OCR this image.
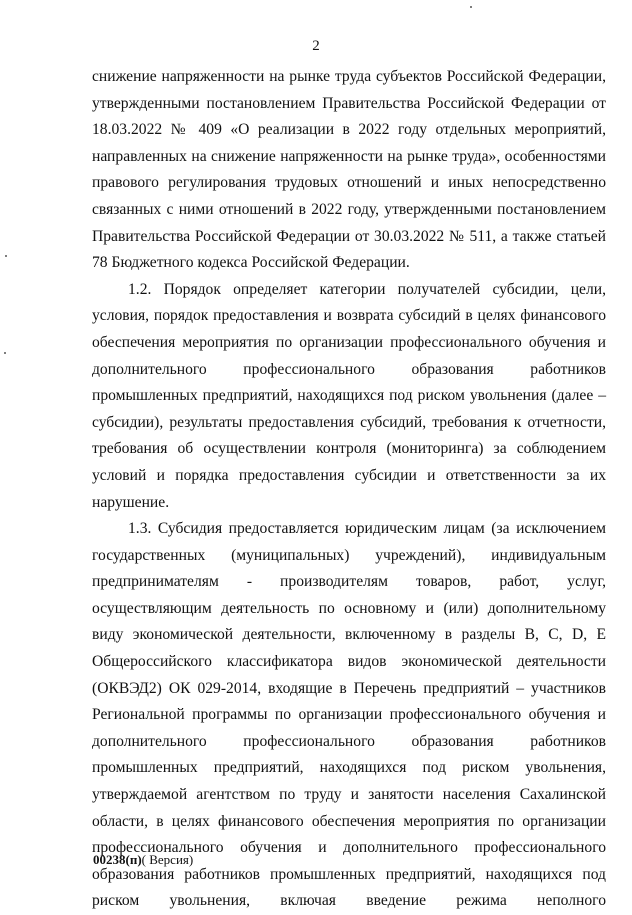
2

снижение напряженности на рынке труда субъектов Российской Федерации, утвержденными постановлением Правительства Российской Федерации от 18.03.2022 № 409 «О реализации в 2022 году отдельных мероприятий, направленных на снижение напряженности на рынке труда», особенностями правового регулирования трудовых отношений и иных непосредственно связанных с ними отношений в 2022 году, утвержденными постановлением Правительства Российской Федерации от 30.03.2022 № 511, а также статьей 78 Бюджетного кодекса Российской Федерации.

1.2. Порядок определяет категории получателей субсидии, цели, условия, порядок предоставления и возврата субсидий в целях финансового обеспечения мероприятия по организации профессионального обучения и дополнительного профессионального образования работников промышленных предприятий, находящихся под риском увольнения (далее – субсидии), результаты предоставления субсидий, требования к отчетности, требования об осуществлении контроля (мониторинга) за соблюдением условий и порядка предоставления субсидии и ответственности за их нарушение.

1.3. Субсидия предоставляется юридическим лицам (за исключением государственных (муниципальных) учреждений), индивидуальным предпринимателям - производителям товаров, работ, услуг, осуществляющим деятельность по основному и (или) дополнительному виду экономической деятельности, включенному в разделы B, C, D, E Общероссийского классификатора видов экономической деятельности (ОКВЭД2) ОК 029-2014, входящие в Перечень предприятий – участников Региональной программы по организации профессионального обучения и дополнительного профессионального образования работников промышленных предприятий, находящихся под риском увольнения, утверждаемой агентством по труду и занятости населения Сахалинской области, в целях финансового обеспечения мероприятия по организации профессионального обучения и дополнительного профессионального образования работников промышленных предприятий, находящихся под риском увольнения, включая введение режима неполного

00238(п)( Версия)
